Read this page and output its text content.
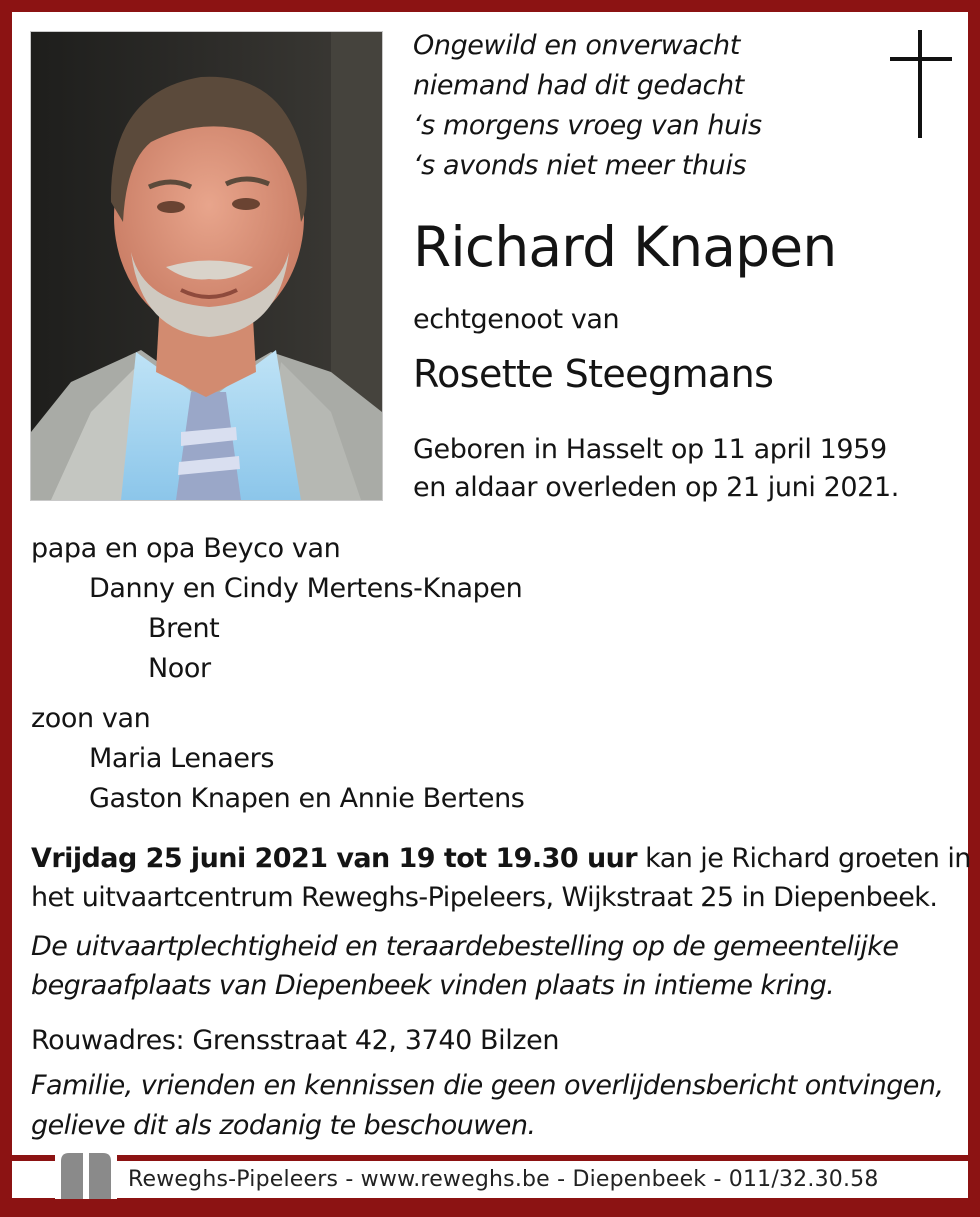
Ongewild en onverwacht
niemand had dit gedacht
‘s morgens vroeg van huis
‘s avonds niet meer thuis
Richard Knapen
echtgenoot van
Rosette Steegmans
Geboren in Hasselt op 11 april 1959
en aldaar overleden op 21 juni 2021.
papa en opa Beyco van
Danny en Cindy Mertens-Knapen
Brent
Noor
zoon van
Maria Lenaers
Gaston Knapen en Annie Bertens
Vrijdag 25 juni 2021 van 19 tot 19.30 uur kan je Richard groeten in
het uitvaartcentrum Reweghs-Pipeleers, Wijkstraat 25 in Diepenbeek.
De uitvaartplechtigheid en teraardebestelling op de gemeentelijke
begraafplaats van Diepenbeek vinden plaats in intieme kring.
Rouwadres: Grensstraat 42, 3740 Bilzen
Familie, vrienden en kennissen die geen overlijdensbericht ontvingen,
gelieve dit als zodanig te beschouwen.
Reweghs-Pipeleers - www.reweghs.be - Diepenbeek - 011/32.30.58
